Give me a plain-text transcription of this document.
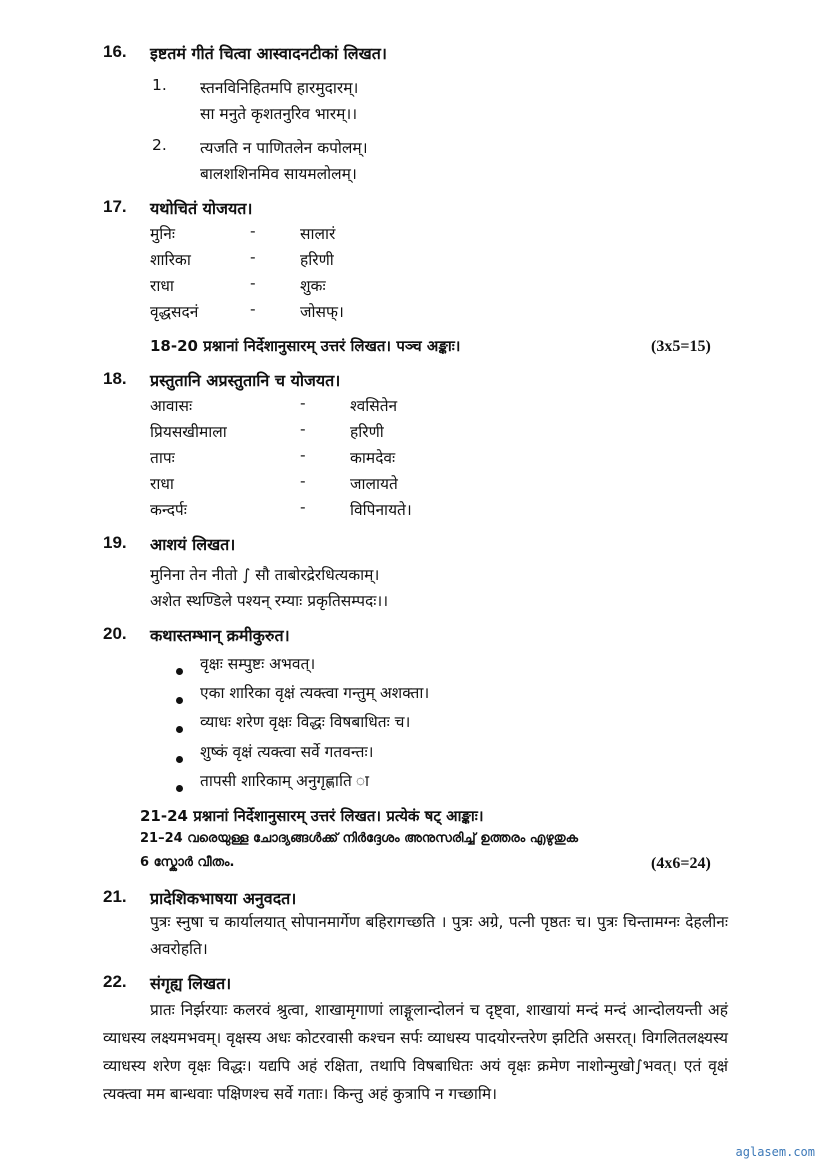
16. इष्टतमं गीतं चित्वा आस्वादनटीकां लिखत।
1. स्तनविनिहितमपि हारमुदारम्।
सा मनुते कृशतनुरिव भारम्।।
2. त्यजति न पाणितलेन कपोलम्।
बालशशिनमिव सायमलोलम्।
17. यथोचितं योजयत।
मुनिः	-	सालारं
शारिका	-	हरिणी
राधा	-	शुकः
वृद्धसदनं	-	जोसफ्।
18-20 प्रश्नानां निर्देशानुसारम् उत्तरं लिखत। पञ्च अङ्काः।	(3x5=15)
18. प्रस्तुतानि अप्रस्तुतानि च योजयत।
आवासः	-	श्वसितेन
प्रियसखीमाला	-	हरिणी
तापः	-	कामदेवः
राधा	-	जालायते
कन्दर्पः	-	विपिनायते।
19. आशयं लिखत।
मुनिना तेन नीतो ∫ सौ ताबोरद्रेरधित्यकाम्।
अशेत स्थण्डिले पश्यन् रम्याः प्रकृतिसम्पदः।।
20. कथास्तम्भान् क्रमीकुरुत।
वृक्षः सम्पुष्टः अभवत्।
एका शारिका वृक्षं त्यक्त्वा गन्तुम् अशक्ता।
व्याधः शरेण वृक्षः विद्धः विषबाधितः च।
शुष्कं वृक्षं त्यक्त्वा सर्वे गतवन्तः।
तापसी शारिकाम् अनुगृह्णाति ा
21-24 प्रश्नानां निर्देशानुसारम् उत्तरं लिखत। प्रत्येकं षट् आङ्काः।
21–24 വരെയുള്ള ചോദ്യങ്ങൾക്ക് നിർദ്ദേശം അനുസരിച്ച് ഉത്തരം എഴുതുക
6 സ്കോർ വീതം.	(4x6=24)
21. प्रादेशिकभाषया अनुवदत।
पुत्रः स्नुषा च कार्यालयात् सोपानमार्गेण बहिरागच्छति । पुत्रः अग्रे, पत्नी पृष्ठतः च। पुत्रः चिन्तामग्नः देहलीनः अवरोहति।
22. संगृह्य लिखत।
प्रातः निर्झरयाः कलरवं श्रुत्वा, शाखामृगाणां लाङ्गूलान्दोलनं च दृष्ट्वा, शाखायां मन्दं मन्दं आन्दोलयन्ती अहं व्याधस्य लक्ष्यमभवम्। वृक्षस्य अधः कोटरवासी कश्चन सर्पः व्याधस्य पादयोरन्तरेण झटिति असरत्। विगलितलक्ष्यस्य व्याधस्य शरेण वृक्षः विद्धः। यद्यपि अहं रक्षिता, तथापि विषबाधितः अयं वृक्षः क्रमेण नाशोन्मुखो∫भवत्। एतं वृक्षं त्यक्त्वा मम बान्धवाः पक्षिणश्च सर्वे गताः। किन्तु अहं कुत्रापि न गच्छामि।
aglasem.com
